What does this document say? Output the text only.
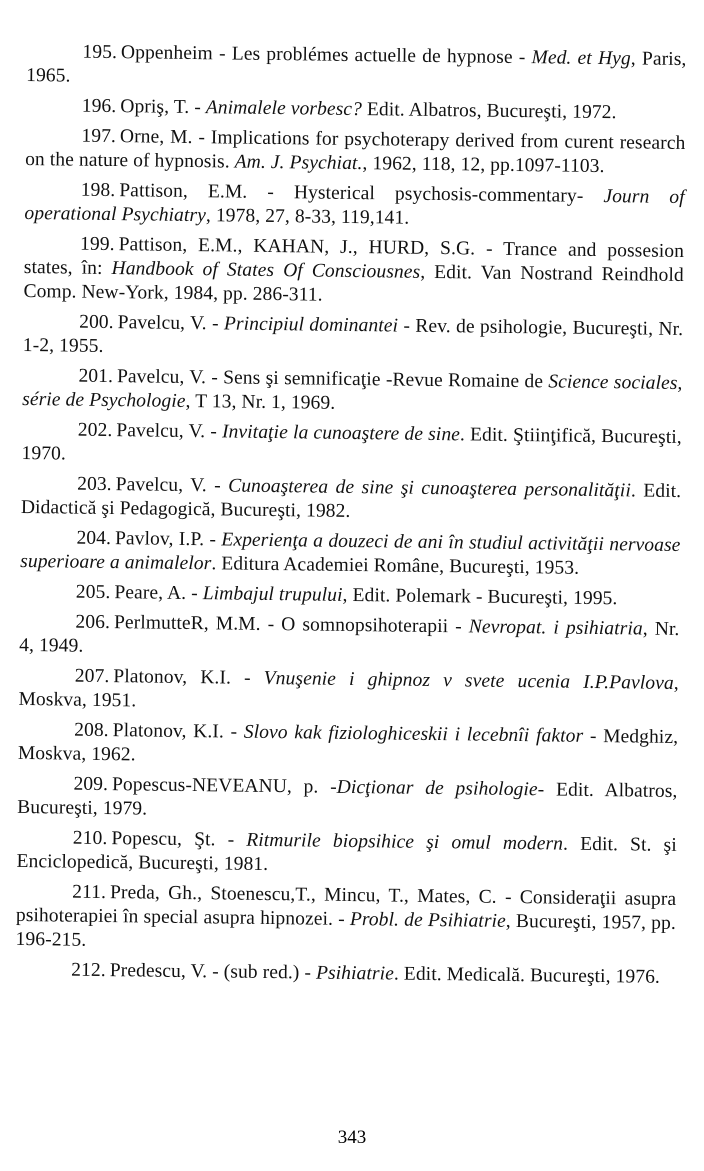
195. Oppenheim - Les problémes actuelle de hypnose - Med. et Hyg, Paris, 1965.

196. Opriş, T. - Animalele vorbesc? Edit. Albatros, Bucureşti, 1972.

197. Orne, M. - Implications for psychoterapy derived from curent research on the nature of hypnosis. Am. J. Psychiat., 1962, 118, 12, pp.1097-1103.

198. Pattison, E.M. - Hysterical psychosis-commentary- Journ of operational Psychiatry, 1978, 27, 8-33, 119,141.

199. Pattison, E.M., KAHAN, J., HURD, S.G. - Trance and possesion states, în: Handbook of States Of Consciousnes, Edit. Van Nostrand Reindhold Comp. New-York, 1984, pp. 286-311.

200. Pavelcu, V. - Principiul dominantei - Rev. de psihologie, Bucureşti, Nr. 1-2, 1955.

201. Pavelcu, V. - Sens şi semnificaţie -Revue Romaine de Science sociales, série de Psychologie, T 13, Nr. 1, 1969.

202. Pavelcu, V. - Invitaţie la cunoaştere de sine. Edit. Ştiinţifică, Bucureşti, 1970.

203. Pavelcu, V. - Cunoaşterea de sine şi cunoaşterea personalităţii. Edit. Didactică şi Pedagogică, Bucureşti, 1982.

204. Pavlov, I.P. - Experienţa a douzeci de ani în studiul activităţii nervoase superioare a animalelor. Editura Academiei Române, Bucureşti, 1953.

205. Peare, A. - Limbajul trupului, Edit. Polemark - Bucureşti, 1995.

206. PerlmutteR, M.M. - O somnopsihoterapii - Nevropat. i psihiatria, Nr. 4, 1949.

207. Platonov, K.I. - Vnuşenie i ghipnoz v svete ucenia I.P.Pavlova, Moskva, 1951.

208. Platonov, K.I. - Slovo kak fiziologhiceskii i lecebnîi faktor - Medghiz, Moskva, 1962.

209. Popescus-NEVEANU, p. -Dicţionar de psihologie- Edit. Albatros, Bucureşti, 1979.

210. Popescu, Şt. - Ritmurile biopsihice şi omul modern. Edit. St. şi Enciclopedică, Bucureşti, 1981.

211. Preda, Gh., Stoenescu,T., Mincu, T., Mates, C. - Consideraţii asupra psihoterapiei în special asupra hipnozei. - Probl. de Psihiatrie, Bucureşti, 1957, pp. 196-215.

212. Predescu, V. - (sub red.) - Psihiatrie. Edit. Medicală. Bucureşti, 1976.

343
